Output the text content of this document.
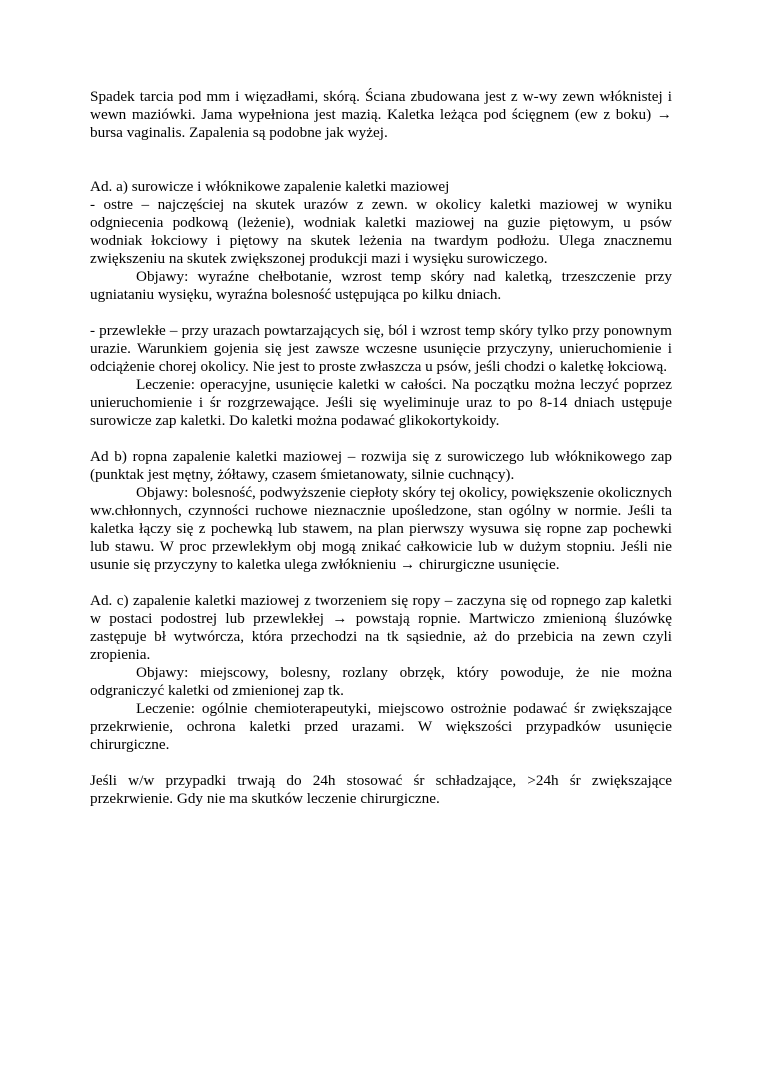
Spadek tarcia pod mm i więzadłami, skórą. Ściana zbudowana jest z w-wy zewn włóknistej i wewn maziówki. Jama wypełniona jest mazią. Kaletka leżąca pod ścięgnem (ew z boku) → bursa vaginalis. Zapalenia są podobne jak wyżej.

Ad. a) surowicze i włóknikowe zapalenie kaletki maziowej

- ostre – najczęściej na skutek urazów z zewn. w okolicy kaletki maziowej w wyniku odgniecenia podkową (leżenie), wodniak kaletki maziowej na guzie piętowym, u psów wodniak łokciowy i piętowy na skutek leżenia na twardym podłożu. Ulega znacznemu zwiększeniu na skutek zwiększonej produkcji mazi i wysięku surowiczego.

Objawy: wyraźne chełbotanie, wzrost temp skóry nad kaletką, trzeszczenie przy ugniataniu wysięku, wyraźna bolesność ustępująca po kilku dniach.

- przewlekłe – przy urazach powtarzających się, ból i wzrost temp skóry tylko przy ponownym urazie. Warunkiem gojenia się jest zawsze wczesne usunięcie przyczyny, unieruchomienie i odciążenie chorej okolicy. Nie jest to proste zwłaszcza u psów, jeśli chodzi o kaletkę łokciową.

Leczenie: operacyjne, usunięcie kaletki w całości. Na początku można leczyć poprzez unieruchomienie i śr rozgrzewające. Jeśli się wyeliminuje uraz to po 8-14 dniach ustępuje surowicze zap kaletki. Do kaletki można podawać glikokortykoidy.

Ad b) ropna zapalenie kaletki maziowej – rozwija się z surowiczego lub włóknikowego zap (punktak jest mętny, żółtawy, czasem śmietanowaty, silnie cuchnący).

Objawy: bolesność, podwyższenie ciepłoty skóry tej okolicy, powiększenie okolicznych ww.chłonnych, czynności ruchowe nieznacznie upośledzone, stan ogólny w normie. Jeśli ta kaletka łączy się z pochewką lub stawem, na plan pierwszy wysuwa się ropne zap pochewki lub stawu. W proc przewlekłym obj mogą znikać całkowicie lub w dużym stopniu. Jeśli nie usunie się przyczyny to kaletka ulega zwłóknieniu → chirurgiczne usunięcie.

Ad. c) zapalenie kaletki maziowej z tworzeniem się ropy – zaczyna się od ropnego zap kaletki w postaci podostrej lub przewlekłej → powstają ropnie. Martwiczo zmienioną śluzówkę zastępuje bł wytwórcza, która przechodzi na tk sąsiednie, aż do przebicia na zewn czyli zropienia.

Objawy: miejscowy, bolesny, rozlany obrzęk, który powoduje, że nie można odgraniczyć kaletki od zmienionej zap tk.

Leczenie: ogólnie chemioterapeutyki, miejscowo ostrożnie podawać śr zwiększające przekrwienie, ochrona kaletki przed urazami. W większości przypadków usunięcie chirurgiczne.

Jeśli w/w przypadki trwają do 24h stosować śr schładzające, >24h śr zwiększające przekrwienie. Gdy nie ma skutków leczenie chirurgiczne.
